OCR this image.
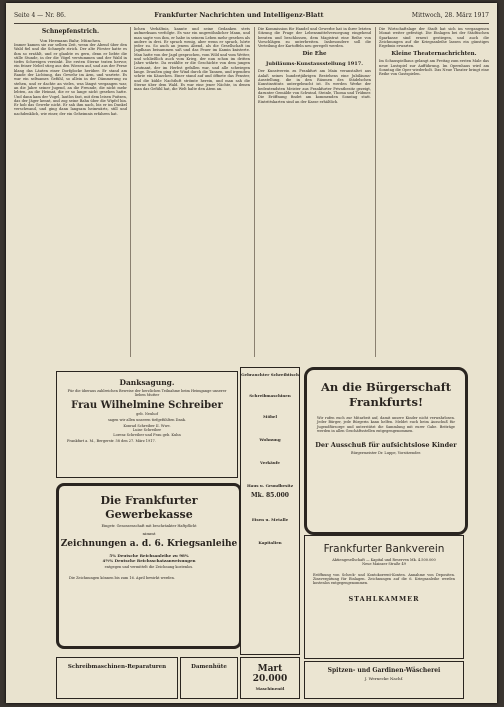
Seite 4 — Nr. 86.	Frankfurter Nachrichten und Intelligenz-Blatt	Mittwoch, 28. März 1917
Schnepfenstrich.
Von Hermann Bahr, München.
Immer kamen sie zur selben Zeit, wenn der Abend über den Wald fiel und die Schnepfe strich. Der alte Förster hatte es ihm so erzählt, und er glaubte es gern, denn er liebte die stille Stunde, in der die Vögel verstummen und der Wald in tiefes Schweigen versinkt. Die ersten Sterne traten hervor, ein feiner Nebel stieg aus den Wiesen auf, und aus der Ferne klang das Läuten einer Dorfglocke herüber. Er stand am Rande der Lichtung, das Gewehr im Arm, und wartete. Es war ein seltsames Gefühl, so allein in der Dämmerung zu stehen, und er dachte an vieles, was längst vergangen war, an die Jahre seiner Jugend, an die Freunde, die nicht mehr lebten, an die Heimat, die er so lange nicht gesehen hatte. Und dann kam der Vogel, lautlos fast, mit dem leisen Puitzen, das der Jäger kennt, und zog seine Bahn über die Wipfel hin. Er hob das Gewehr nicht. Er sah ihm nach, bis er im Dunkel verschwand, und ging dann langsam heimwärts, still und nachdenklich, wie einer, der ein Geheimnis erfahren hat.
lichen Verhältnis, kannte und seine Gedanken stets aufmerksam verfolgte. Es war ein ungewöhnlicher Mann, und man sagte von ihm, er habe in seinem Leben mehr gesehen als andere in drei. Er sprach wenig, aber wenn er sprach, hörte jeder zu. So auch an jenem Abend, als die Gesellschaft im Jagdhaus beisammen saß und das Feuer im Kamin knisterte. Man hatte von der Jagd gesprochen, vom Wild und vom Wetter, und schließlich auch vom Krieg, der nun schon im dritten Jahre währte. Da erzählte er die Geschichte von dem jungen Leutnant, der im Herbst gefallen war, und alle schwiegen lange. Draußen ging der Wind durch die Tannen, und irgendwo schrie ein Käuzchen. Einer stand auf und öffnete das Fenster, und die kühle Nachtluft strömte herein, und man sah die Sterne über dem Wald. Es war eine jener Nächte, in denen man das Gefühl hat, die Welt halte den Atem an.
Die Kommission für Handel und Gewerbe hat in ihrer letzten Sitzung die Frage der Lebensmittelversorgung eingehend beraten und beschlossen, dem Magistrat eine Reihe von Vorschlägen zu unterbreiten. Insbesondere soll die Verteilung der Kartoffeln neu geregelt werden.
Die Ehe
Jubiläums-Kunstausstellung 1917.
Der Kunstverein zu Frankfurt am Main veranstaltet aus Anlaß seines hundertjährigen Bestehens eine Jubiläums-Ausstellung, die in den Räumen des Städelschen Kunstinstituts untergebracht ist. Es werden Werke der bedeutendsten Meister aus Frankfurter Privatbesitz gezeigt, darunter Gemälde von Schwind, Steinle, Thoma und Trübner. Die Eröffnung findet am kommenden Sonntag statt. Eintrittskarten sind an der Kasse erhältlich.
Die Wirtschaftslage der Stadt hat sich im vergangenen Monat weiter gefestigt. Die Einlagen bei der Städtischen Sparkasse sind erneut gestiegen, und auch die Zeichnungen auf die Kriegsanleihe lassen ein günstiges Ergebnis erwarten.
Kleine Theaternachrichten.
Im Schauspielhaus gelangt am Freitag zum ersten Male das neue Lustspiel zur Aufführung. Im Opernhaus wird am Sonntag die Oper wiederholt. Das Neue Theater bringt eine Reihe von Gastspielen.
Danksagung.
Für die überaus zahlreichen Beweise der herzlichen Teilnahme beim Heimgange unserer lieben Mutter
Frau Wilhelmine Schreiber
geb. Neuhof
sagen wir allen unseren tiefgefühlten Dank.
Konrad Schreiber II. Wwe.
Luise Schreiber
Lorenz Schreiber und Frau geb. Kuhn
Frankfurt a. M., Bergerstr. 58 den 27. März 1917.
Die Frankfurter Gewerbekasse
Eingetr. Genossenschaft mit beschränkter Haftpflicht
nimmt
Zeichnungen a. d. 6. Kriegsanleihe
5% Deutsche Reichsanleihe zu 98%
4½% Deutsche Reichsschatzanweisungen
entgegen und vermittelt die Zeichnung kostenlos.
Die Zeichnungen können bis zum 16. April bewirkt werden.
Gebrauchter Schreibtisch
Schreibmaschinen
Möbel
Wohnung
Verkäufe
Haus u. Grundbesitz
Mk. 85.000
Eisen u. Metalle
Kapitalien
An die Bürgerschaft Frankfurts!
Wir rufen euch zur Mitarbeit auf, damit unsere Kinder nicht verwahrlosen. Jeder Bürger, jede Bürgerin kann helfen. Meldet euch beim Ausschuß für Jugendfürsorge und unterstützt die Sammlung mit eurer Gabe. Beiträge werden in allen Geschäftsstellen entgegengenommen.
Der Ausschuß für aufsichtslose Kinder
Bürgermeister Dr. Luppe, Vorsitzender.
Frankfurter Bankverein
Aktiengesellschaft — Kapital und Reserven Mk. 4.500.000
Neue Mainzer Straße 49
Eröffnung von Scheck- und Kontokorrent-Konten. Annahme von Depositen. Zinsvergütung für Einlagen. Zeichnungen auf die 6. Kriegsanleihe werden kostenlos entgegengenommen.
STAHLKAMMER
Schreibmaschinen-Reparaturen	Damenhüte	Mart 20.000
Maschinenöl
Spitzen- und Gardinen-Wäscherei
J. Wernecke Nachf.
